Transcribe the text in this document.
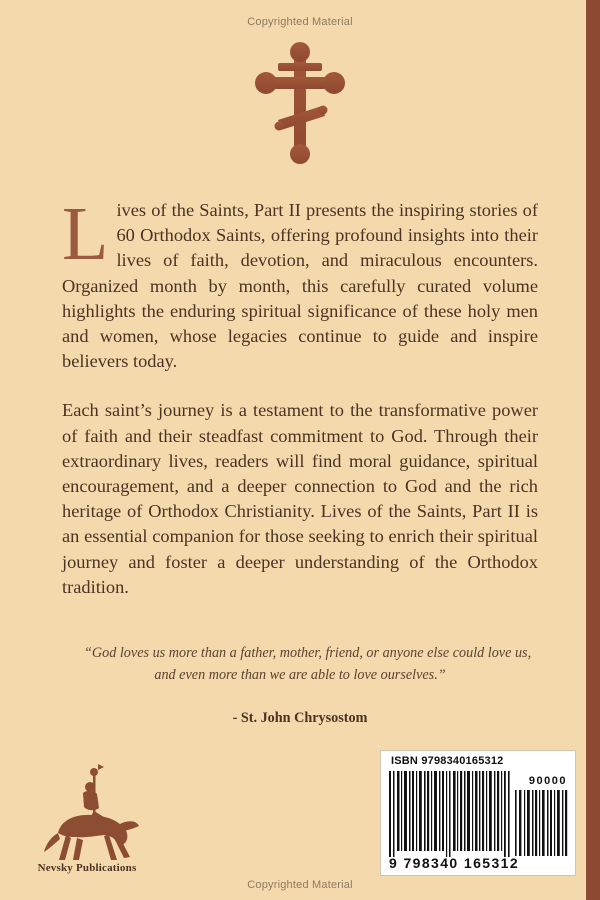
Copyrighted Material

Lives of the Saints, Part II presents the inspiring stories of 60 Orthodox Saints, offering profound insights into their lives of faith, devotion, and miraculous encounters. Organized month by month, this carefully curated volume highlights the enduring spiritual significance of these holy men and women, whose legacies continue to guide and inspire believers today.

Each saint’s journey is a testament to the transformative power of faith and their steadfast commitment to God. Through their extraordinary lives, readers will find moral guidance, spiritual encouragement, and a deeper connection to God and the rich heritage of Orthodox Christianity. Lives of the Saints, Part II is an essential companion for those seeking to enrich their spiritual journey and foster a deeper understanding of the Orthodox tradition.

“God loves us more than a father, mother, friend, or anyone else could love us,
and even more than we are able to love ourselves.”
- St. John Chrysostom
Nevsky Publications
ISBN 9798340165312
90000
9 798340 165312
Copyrighted Material
